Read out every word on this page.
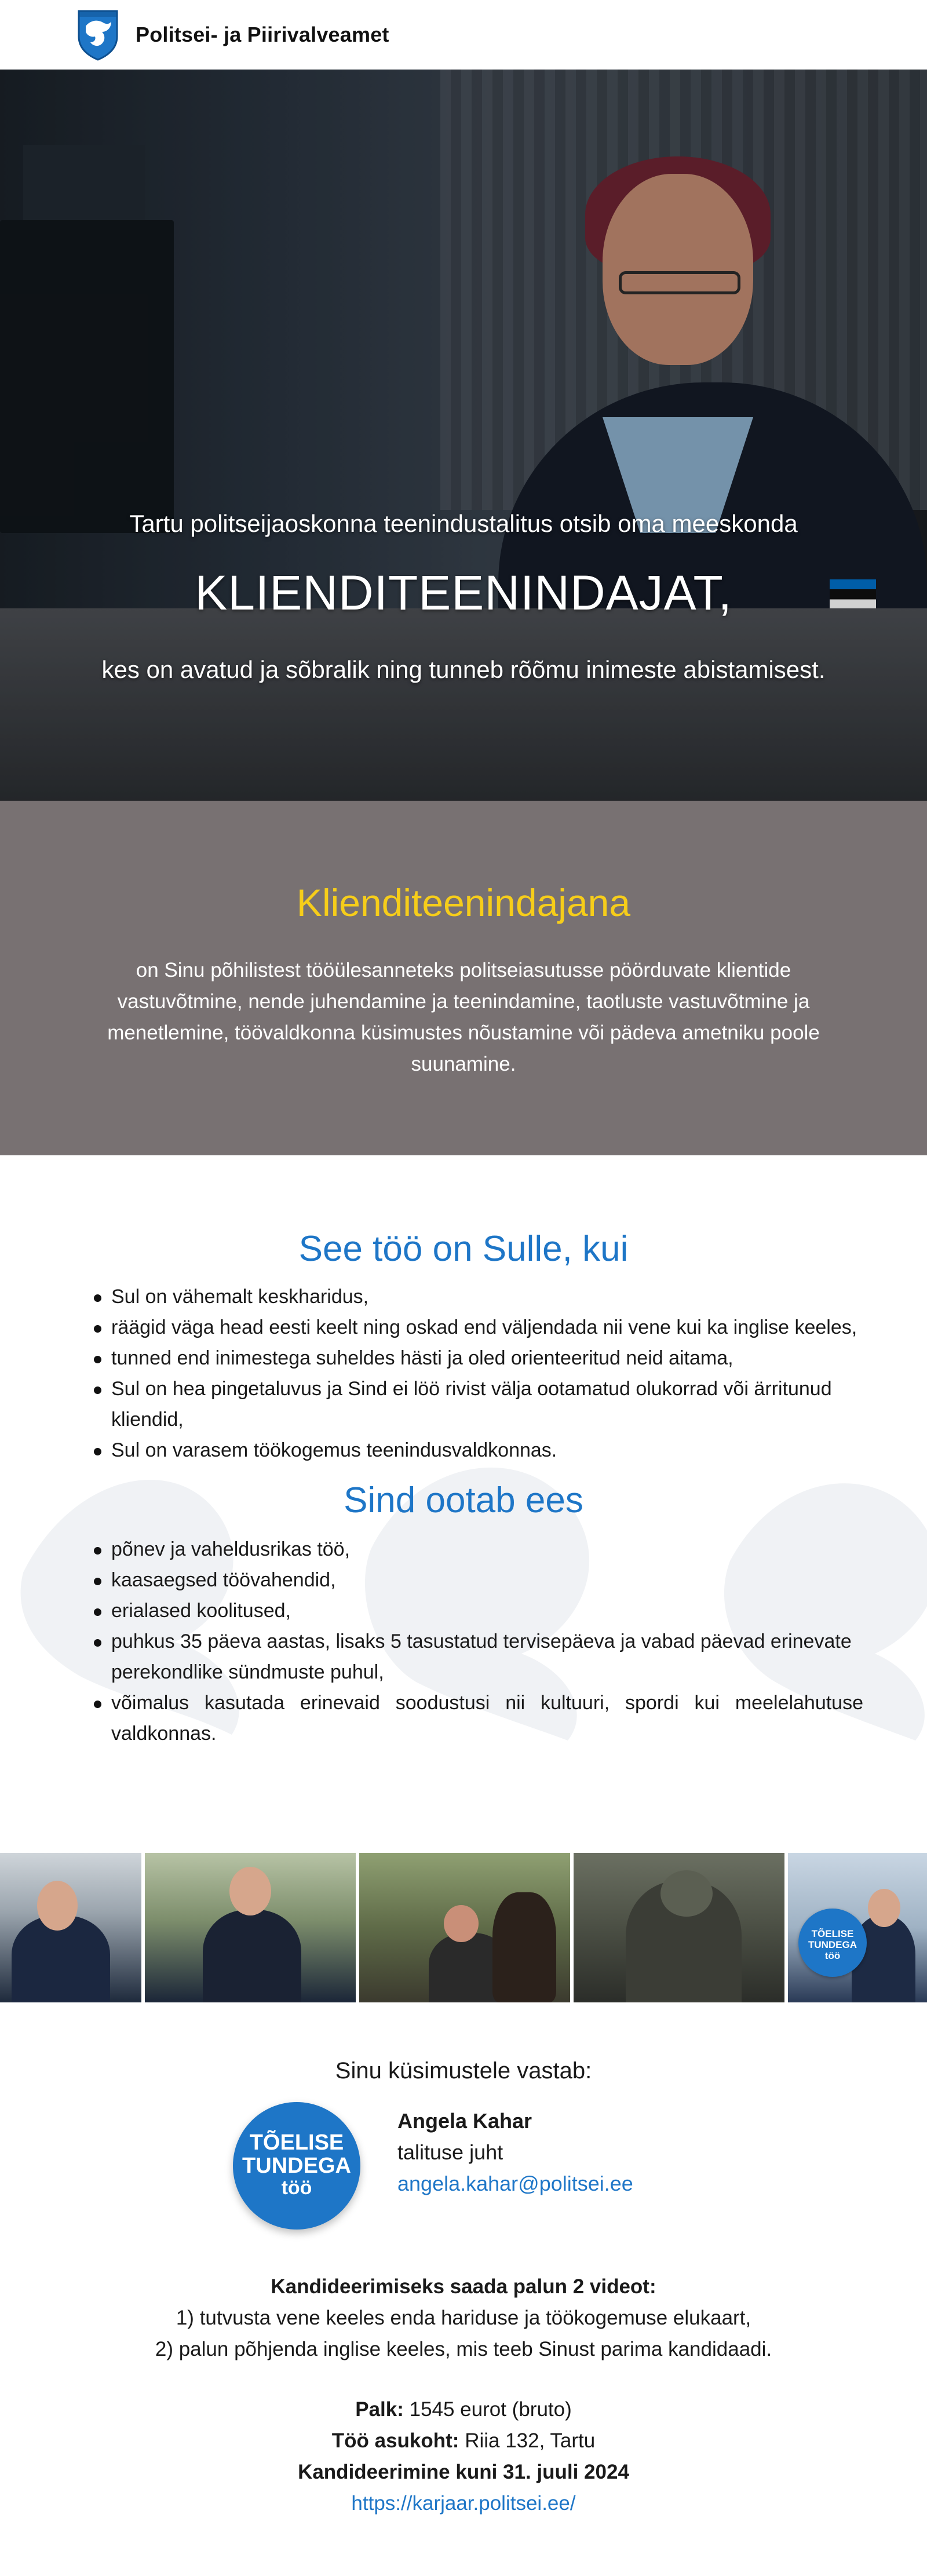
Politsei- ja Piirivalveamet
Tartu politseijaoskonna teenindustalitus otsib oma meeskonda
KLIENDITEENINDAJAT,
kes on avatud ja sõbralik ning tunneb rõõmu inimeste abistamisest.
Klienditeenindajana

on Sinu põhilistest tööülesanneteks politseiasutusse pöörduvate klientide vastuvõtmine, nende juhendamine ja teenindamine, taotluste vastuvõtmine ja menetlemine, töövaldkonna küsimustes nõustamine või pädeva ametniku poole suunamine.

See töö on Sulle, kui
Sul on vähemalt keskharidus,
räägid väga head eesti keelt ning oskad end väljendada nii vene kui ka inglise keeles,
tunned end inimestega suheldes hästi ja oled orienteeritud neid aitama,
Sul on hea pingetaluvus ja Sind ei löö rivist välja ootamatud olukorrad või ärritunud kliendid,
Sul on varasem töökogemus teenindusvaldkonnas.
Sind ootab ees
põnev ja vaheldusrikas töö,
kaasaegsed töövahendid,
erialased koolitused,
puhkus 35 päeva aastas, lisaks 5 tasustatud tervisepäeva ja vabad päevad erinevate perekondlike sündmuste puhul,
võimalus kasutada erinevaid soodustusi nii kultuuri, spordi kui meelelahutuse valdkonnas.
TÕELISE
TUNDEGA
töö
Sinu küsimustele vastab:
TÕELISE
TUNDEGA
töö
Angela Kahar
talituse juht
angela.kahar@politsei.ee
Kandideerimiseks saada palun 2 videot:
1) tutvusta vene keeles enda hariduse ja töökogemuse elukaart,
2) palun põhjenda inglise keeles, mis teeb Sinust parima kandidaadi.
Palk: 1545 eurot (bruto)
Töö asukoht: Riia 132, Tartu
Kandideerimine kuni 31. juuli 2024
https://karjaar.politsei.ee/
